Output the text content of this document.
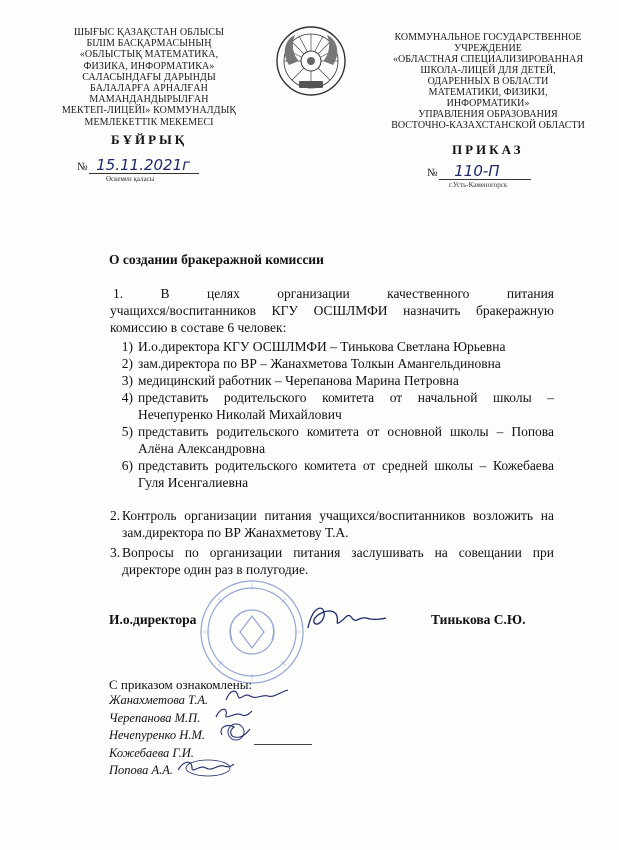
ШЫҒЫС ҚАЗАҚСТАН ОБЛЫСЫ
БІЛІМ БАСҚАРМАСЫНЫҢ
«ОБЛЫСТЫҚ МАТЕМАТИКА,
ФИЗИКА, ИНФОРМАТИКА»
САЛАСЫНДАҒЫ ДАРЫНДЫ
БАЛАЛАРҒА АРНАЛҒАН
МАМАНДАНДЫРЫЛҒАН
МЕКТЕП-ЛИЦЕЙІ» КОММУНАЛДЫҚ
МЕМЛЕКЕТТІК МЕКЕМЕСІ
КОММУНАЛЬНОЕ ГОСУДАРСТВЕННОЕ
УЧРЕЖДЕНИЕ
«ОБЛАСТНАЯ СПЕЦИАЛИЗИРОВАННАЯ
ШКОЛА-ЛИЦЕЙ ДЛЯ ДЕТЕЙ,
ОДАРЕННЫХ В ОБЛАСТИ
МАТЕМАТИКИ, ФИЗИКИ,
ИНФОРМАТИКИ»
УПРАВЛЕНИЯ ОБРАЗОВАНИЯ
ВОСТОЧНО-КАЗАХСТАНСКОЙ ОБЛАСТИ
БҰЙРЫҚ
№ 15.11.2021г
Өскемен қаласы
ПРИКАЗ
№ 110-П
г.Усть-Каменогорск
О создании бракеражной комиссии
1.	В целях организации качественного питания
учащихся/воспитанников КГУ ОСШЛМФИ назначить бракеражную комиссию в составе 6 человек:
1) И.о.директора КГУ ОСШЛМФИ – Тинькова Светлана Юрьевна
2) зам.директора по ВР – Жанахметова Толкын Амангельдиновна
3) медицинский работник – Черепанова Марина Петровна
4) представить родительского комитета от начальной школы – Нечепуренко Николай Михайлович
5) представить родительского комитета от основной школы – Попова Алёна Александровна
6) представить родительского комитета от средней школы – Кожебаева Гуля Исенгалиевна
2. Контроль организации питания учащихся/воспитанников возложить на зам.директора по ВР Жанахметову Т.А.
3. Вопросы по организации питания заслушивать на совещании при директоре один раз в полугодие.
И.о.директора	Тинькова С.Ю.
С приказом ознакомлены:
Жанахметова Т.А.
Черепанова М.П.
Нечепуренко Н.М.
Кожебаева Г.И.
Попова А.А.
